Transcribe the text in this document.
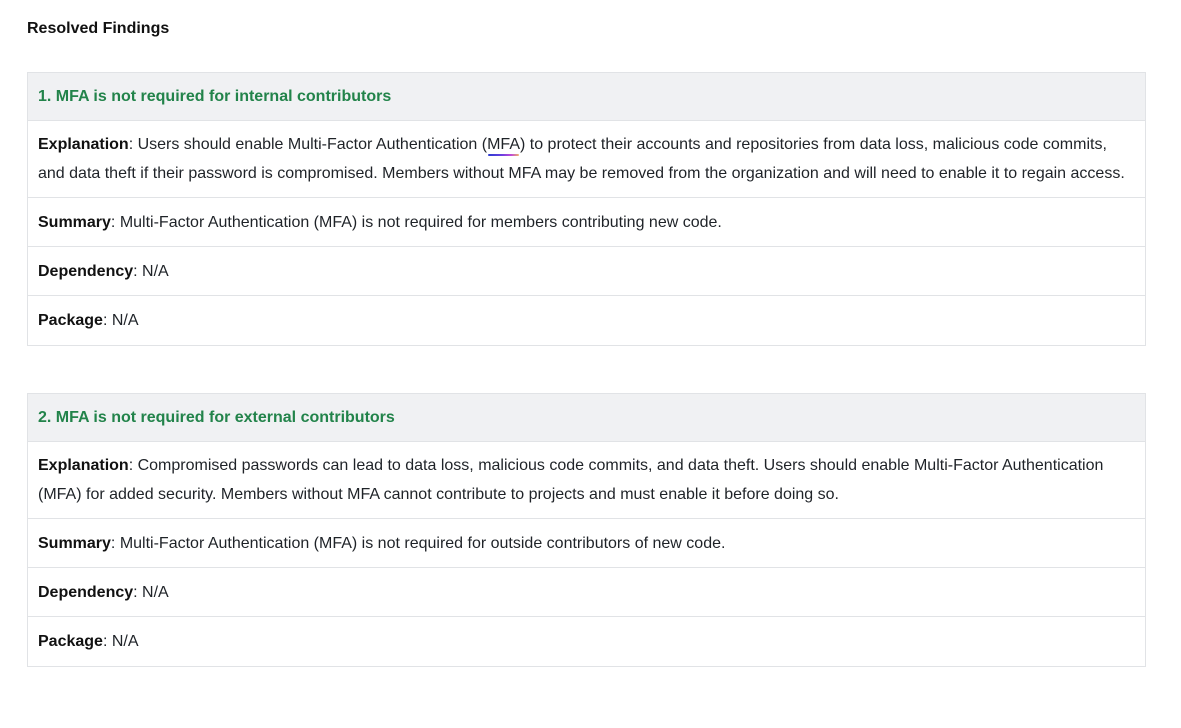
Resolved Findings
1. MFA is not required for internal contributors
Explanation: Users should enable Multi-Factor Authentication (MFA) to protect their accounts and repositories from data loss, malicious code commits, and data theft if their password is compromised. Members without MFA may be removed from the organization and will need to enable it to regain access.
Summary: Multi-Factor Authentication (MFA) is not required for members contributing new code.
Dependency: N/A
Package: N/A
2. MFA is not required for external contributors
Explanation: Compromised passwords can lead to data loss, malicious code commits, and data theft. Users should enable Multi-Factor Authentication (MFA) for added security. Members without MFA cannot contribute to projects and must enable it before doing so.
Summary: Multi-Factor Authentication (MFA) is not required for outside contributors of new code.
Dependency: N/A
Package: N/A
